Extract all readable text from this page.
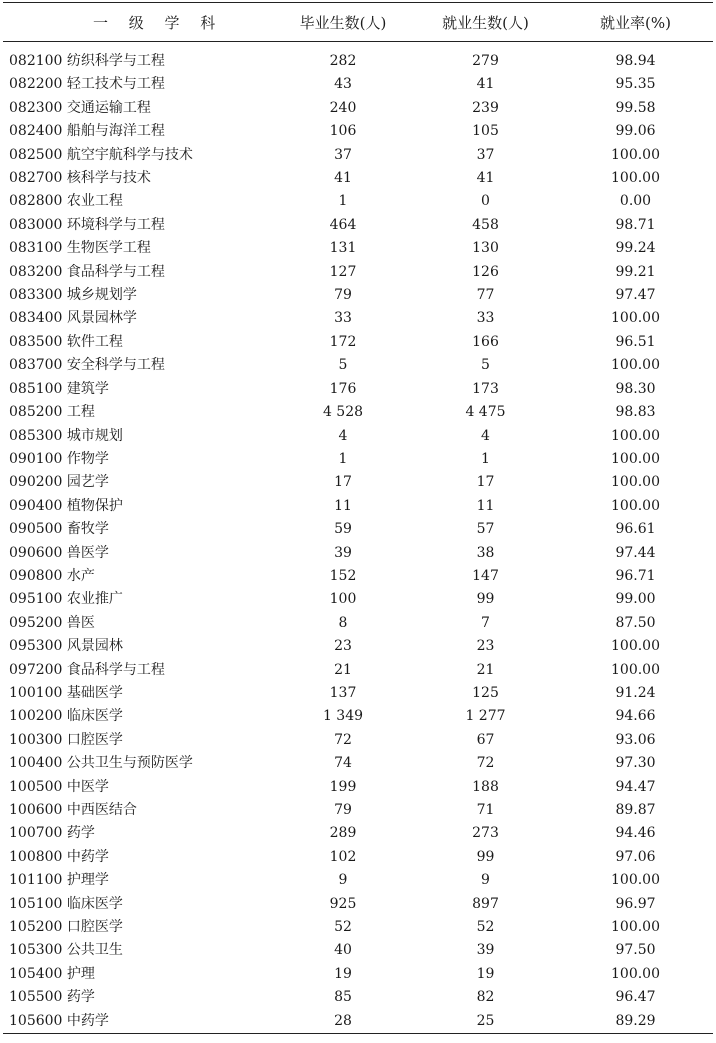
一 级 学 科	毕业生数(人)	就业生数(人)	就业率(%)

082100 纺织科学与工程	282	279	98.94
082200 轻工技术与工程	43	41	95.35
082300 交通运输工程	240	239	99.58
082400 船舶与海洋工程	106	105	99.06
082500 航空宇航科学与技术	37	37	100.00
082700 核科学与技术	41	41	100.00
082800 农业工程	1	0	0.00
083000 环境科学与工程	464	458	98.71
083100 生物医学工程	131	130	99.24
083200 食品科学与工程	127	126	99.21
083300 城乡规划学	79	77	97.47
083400 风景园林学	33	33	100.00
083500 软件工程	172	166	96.51
083700 安全科学与工程	5	5	100.00
085100 建筑学	176	173	98.30
085200 工程	4 528	4 475	98.83
085300 城市规划	4	4	100.00
090100 作物学	1	1	100.00
090200 园艺学	17	17	100.00
090400 植物保护	11	11	100.00
090500 畜牧学	59	57	96.61
090600 兽医学	39	38	97.44
090800 水产	152	147	96.71
095100 农业推广	100	99	99.00
095200 兽医	8	7	87.50
095300 风景园林	23	23	100.00
097200 食品科学与工程	21	21	100.00
100100 基础医学	137	125	91.24
100200 临床医学	1 349	1 277	94.66
100300 口腔医学	72	67	93.06
100400 公共卫生与预防医学	74	72	97.30
100500 中医学	199	188	94.47
100600 中西医结合	79	71	89.87
100700 药学	289	273	94.46
100800 中药学	102	99	97.06
101100 护理学	9	9	100.00
105100 临床医学	925	897	96.97
105200 口腔医学	52	52	100.00
105300 公共卫生	40	39	97.50
105400 护理	19	19	100.00
105500 药学	85	82	96.47
105600 中药学	28	25	89.29
